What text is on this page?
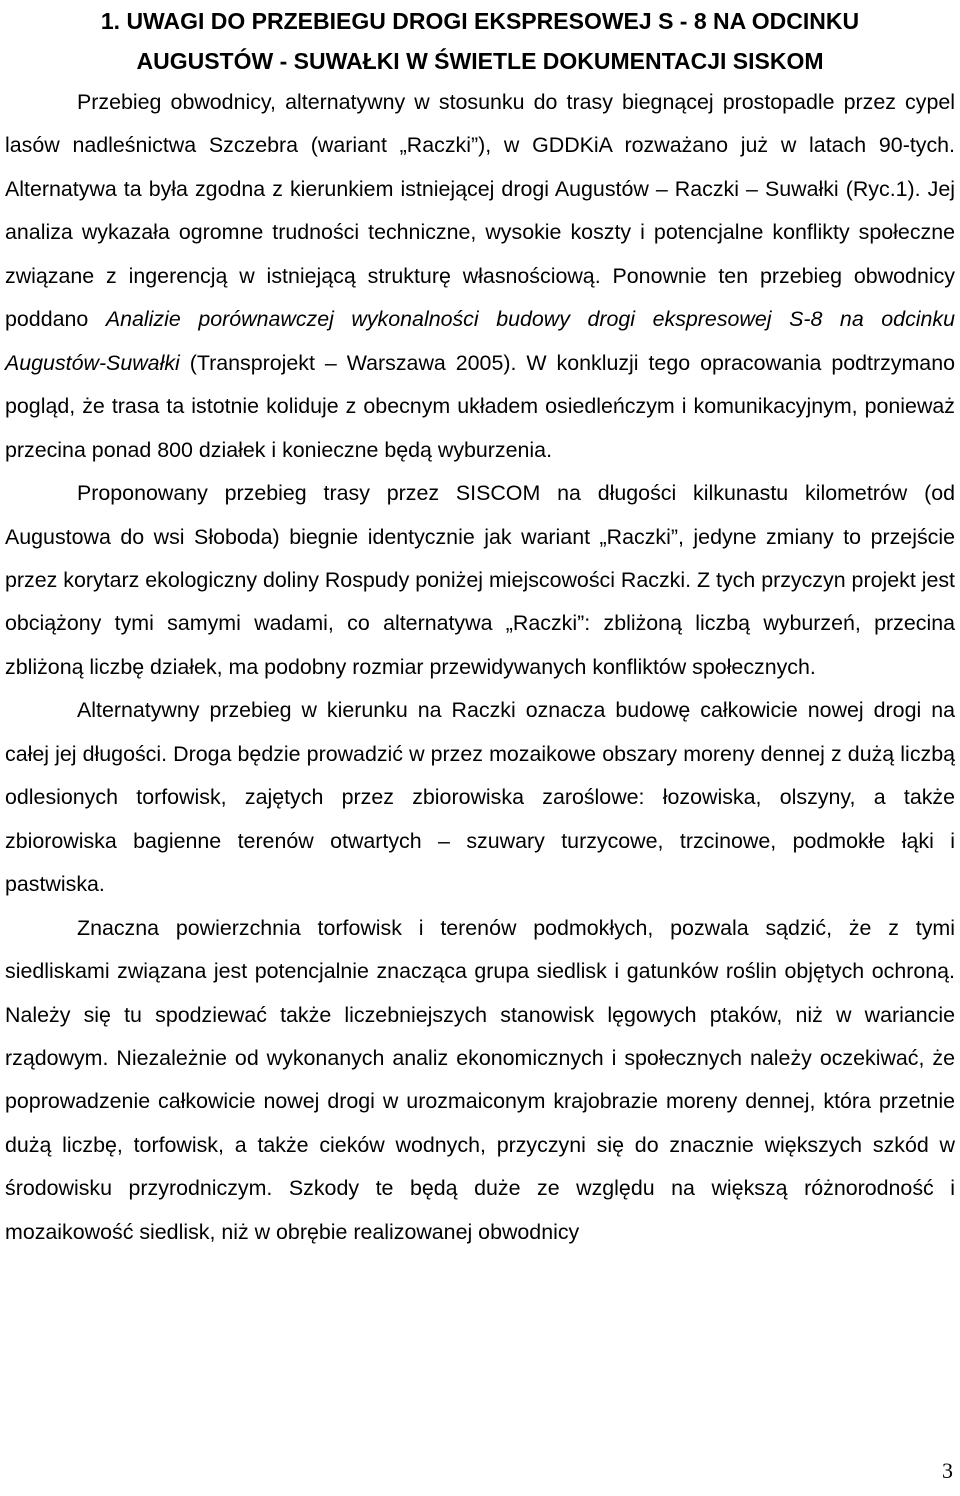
1. UWAGI DO PRZEBIEGU DROGI EKSPRESOWEJ S - 8 NA ODCINKU
AUGUSTÓW - SUWAŁKI W ŚWIETLE DOKUMENTACJI SISKOM

Przebieg obwodnicy, alternatywny w stosunku do trasy biegnącej prostopadle przez cypel lasów nadleśnictwa Szczebra (wariant „Raczki”), w GDDKiA rozważano już w latach 90-tych. Alternatywa ta była zgodna z kierunkiem istniejącej drogi Augustów – Raczki – Suwałki (Ryc.1). Jej analiza wykazała ogromne trudności techniczne, wysokie koszty i potencjalne konflikty społeczne związane z ingerencją w istniejącą strukturę własnościową. Ponownie ten przebieg obwodnicy poddano Analizie porównawczej wykonalności budowy drogi ekspresowej S-8 na odcinku Augustów-Suwałki (Transprojekt – Warszawa 2005). W konkluzji tego opracowania podtrzymano pogląd, że trasa ta istotnie koliduje z obecnym układem osiedleńczym i komunikacyjnym, ponieważ przecina ponad 800 działek i konieczne będą wyburzenia.

Proponowany przebieg trasy przez SISCOM na długości kilkunastu kilometrów (od Augustowa do wsi Słoboda) biegnie identycznie jak wariant „Raczki”, jedyne zmiany to przejście przez korytarz ekologiczny doliny Rospudy poniżej miejscowości Raczki. Z tych przyczyn projekt jest obciążony tymi samymi wadami, co alternatywa „Raczki”: zbliżoną liczbą wyburzeń, przecina zbliżoną liczbę działek, ma podobny rozmiar przewidywanych konfliktów społecznych.

Alternatywny przebieg w kierunku na Raczki oznacza budowę całkowicie nowej drogi na całej jej długości. Droga będzie prowadzić w przez mozaikowe obszary moreny dennej z dużą liczbą odlesionych torfowisk, zajętych przez zbiorowiska zaroślowe: łozowiska, olszyny, a także zbiorowiska bagienne terenów otwartych – szuwary turzycowe, trzcinowe, podmokłe łąki i pastwiska.

Znaczna powierzchnia torfowisk i terenów podmokłych, pozwala sądzić, że z tymi siedliskami związana jest potencjalnie znacząca grupa siedlisk i gatunków roślin objętych ochroną. Należy się tu spodziewać także liczebniejszych stanowisk lęgowych ptaków, niż w wariancie rządowym. Niezależnie od wykonanych analiz ekonomicznych i społecznych należy oczekiwać, że poprowadzenie całkowicie nowej drogi w urozmaiconym krajobrazie moreny dennej, która przetnie dużą liczbę, torfowisk, a także cieków wodnych, przyczyni się do znacznie większych szkód w środowisku przyrodniczym. Szkody te będą duże ze względu na większą różnorodność i mozaikowość siedlisk, niż w obrębie realizowanej obwodnicy

3
